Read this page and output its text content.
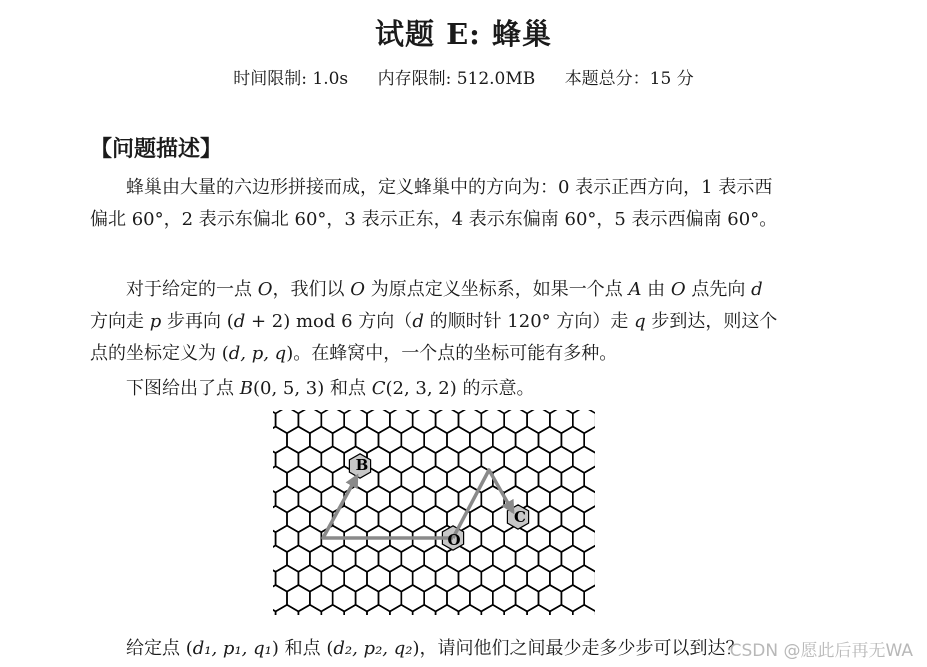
试题 E: 蜂巢
时间限制: 1.0s 内存限制: 512.0MB 本题总分：15 分
【问题描述】
蜂巢由大量的六边形拼接而成，定义蜂巢中的方向为：0 表示正西方向，1 表示西偏北 60°，2 表示东偏北 60°，3 表示正东，4 表示东偏南 60°，5 表示西偏南 60°。
对于给定的一点 O，我们以 O 为原点定义坐标系，如果一个点 A 由 O 点先向 d 方向走 p 步再向 (d + 2) mod 6 方向（d 的顺时针 120° 方向）走 q 步到达，则这个点的坐标定义为 (d, p, q)。在蜂窝中，一个点的坐标可能有多种。
下图给出了点 B(0, 5, 3) 和点 C(2, 3, 2) 的示意。
B
C
O
给定点 (d₁, p₁, q₁) 和点 (d₂, p₂, q₂)，请问他们之间最少走多少步可以到达？
CSDN @愿此后再无WA
